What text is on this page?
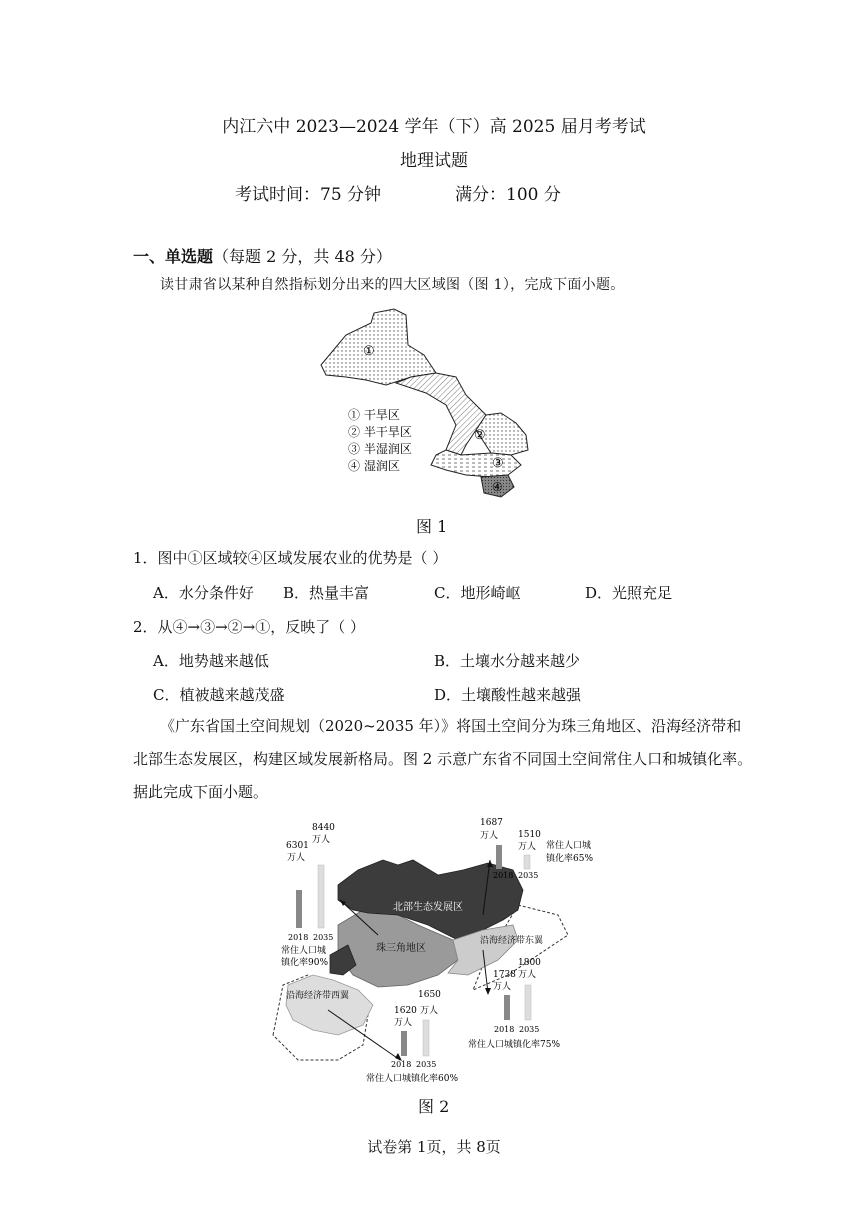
内江六中 2023—2024 学年（下）高 2025 届月考考试
地理试题
考试时间：75 分钟	满分：100 分
一、单选题（每题 2 分，共 48 分）
读甘肃省以某种自然指标划分出来的四大区域图（图 1），完成下面小题。
①
②
③
④
① 干旱区
② 半干旱区
③ 半湿润区
④ 湿润区
图 1
1．图中①区域较④区域发展农业的优势是（ ）
A．水分条件好 B．热量丰富	C．地形崎岖	D．光照充足
2．从④→③→②→①，反映了（ ）
A．地势越来越低	B．土壤水分越来越少
C．植被越来越茂盛	D．土壤酸性越来越强
《广东省国土空间规划（2020~2035 年）》将国土空间分为珠三角地区、沿海经济带和
北部生态发展区，构建区域发展新格局。图 2 示意广东省不同国土空间常住人口和城镇化率。
据此完成下面小题。
北部生态发展区
珠三角地区
沿海经济带东翼
沿海经济带西翼
6301
万人
8440
万人
2018 2035
常住人口城
镇化率90%
1687
万人 1510
万人
2018 2035
常住人口城
镇化率65%
1738
万人
1800
万人
2018 2035
常住人口城镇化率75%
1650
1620 万人
万人
2018 2035
常住人口城镇化率60%
图 2
试卷第 1页，共 8页
